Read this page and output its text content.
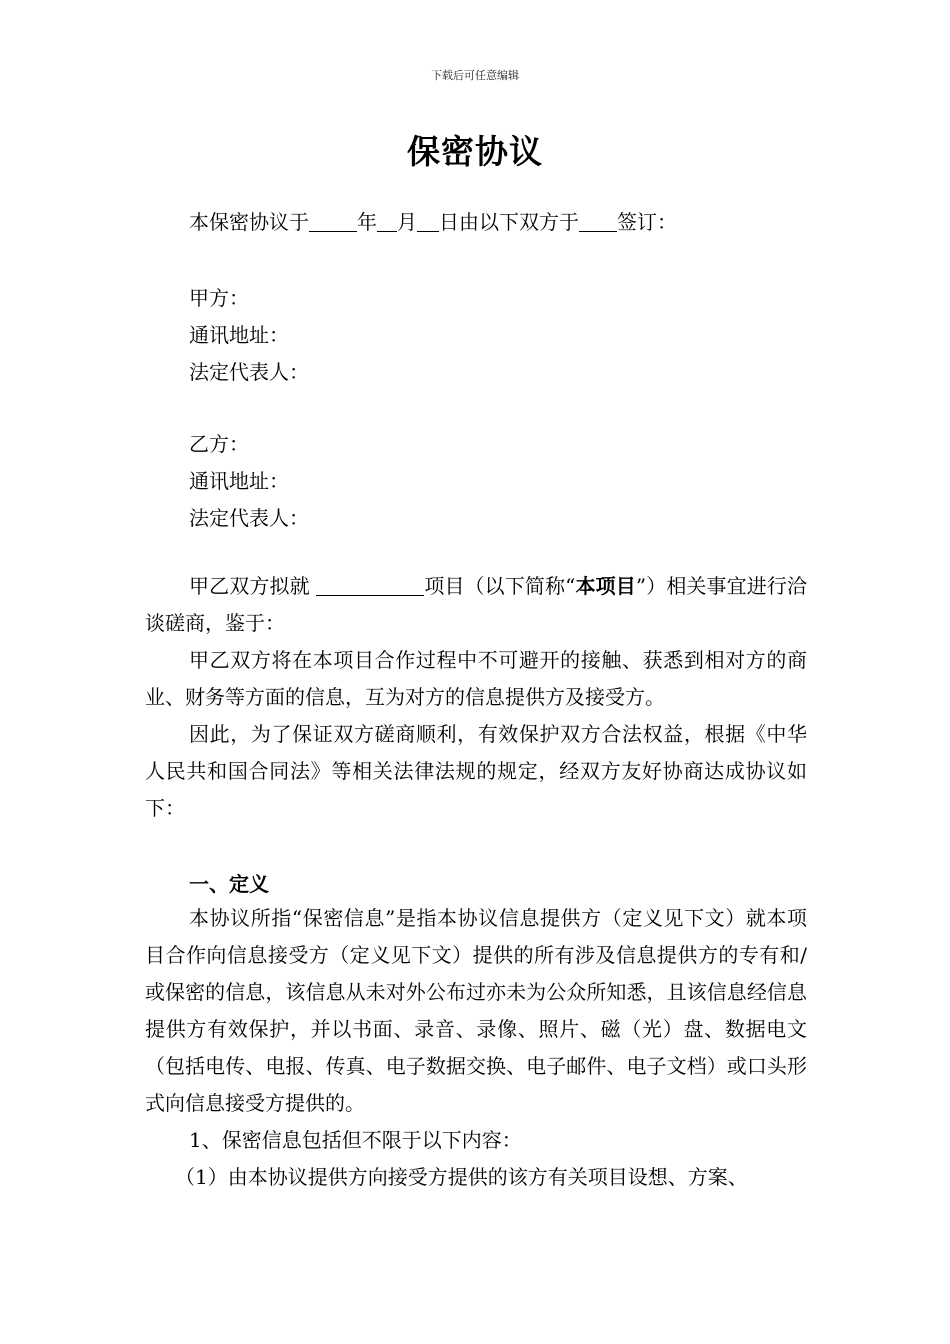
下载后可任意编辑
保密协议
本保密协议于 年 月 日由以下双方于 签订：
甲方：
通讯地址：
法定代表人：
乙方：
通讯地址：
法定代表人：

甲乙双方拟就	项目（以下简称“本项目”）相关事宜进行洽谈磋商，鉴于：

甲乙双方将在本项目合作过程中不可避开的接触、获悉到相对方的商业、财务等方面的信息，互为对方的信息提供方及接受方。

因此，为了保证双方磋商顺利，有效保护双方合法权益，根据《中华人民共和国合同法》等相关法律法规的规定，经双方友好协商达成协议如下：

一、定义

本协议所指“保密信息”是指本协议信息提供方（定义见下文）就本项目合作向信息接受方（定义见下文）提供的所有涉及信息提供方的专有和/或保密的信息，该信息从未对外公布过亦未为公众所知悉，且该信息经信息提供方有效保护，并以书面、录音、录像、照片、磁（光）盘、数据电文（包括电传、电报、传真、电子数据交换、电子邮件、电子文档）或口头形式向信息接受方提供的。

1、保密信息包括但不限于以下内容：

（1）由本协议提供方向接受方提供的该方有关项目设想、方案、
